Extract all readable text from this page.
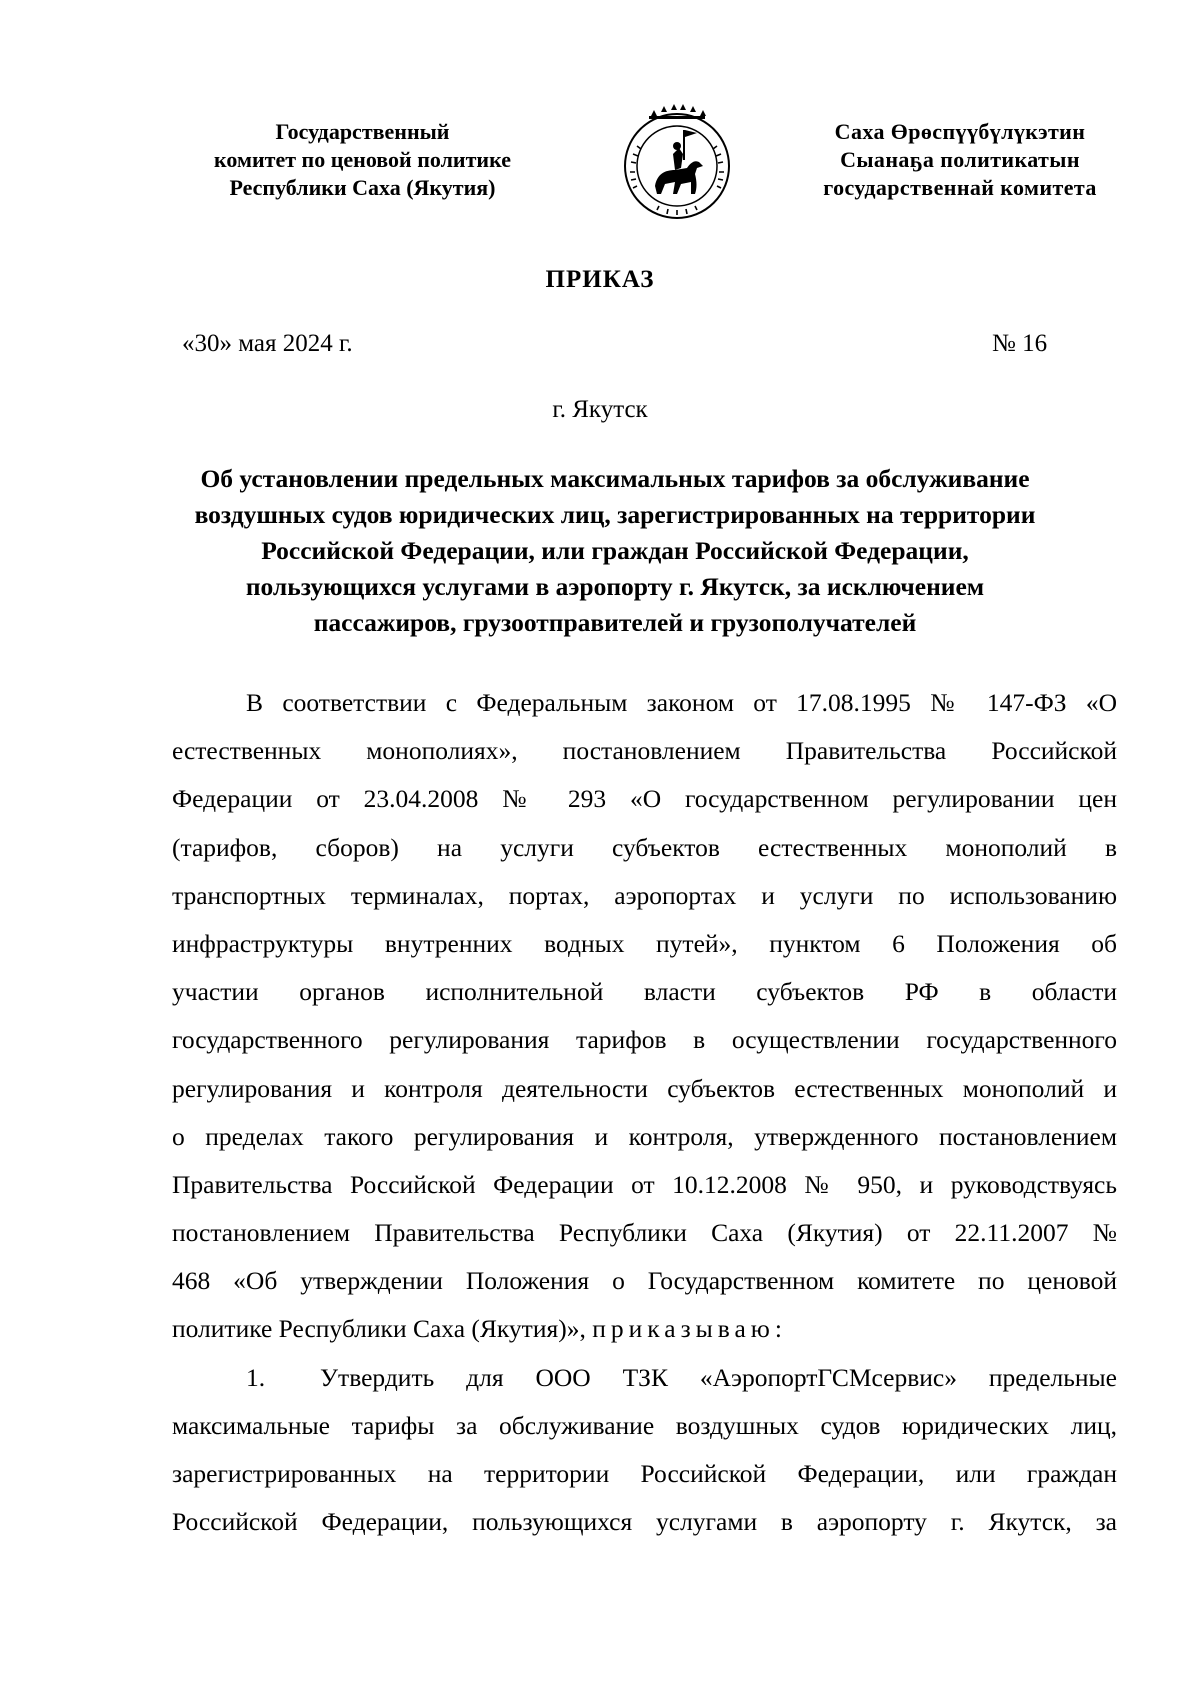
Государственный
комитет по ценовой политике
Республики Саха (Якутия)
Саха Өрөспүүбүлүкэтин
Сыанаҕа политикатын
государственнай комитета
ПРИКАЗ
«30» мая 2024 г.	№ 16
г. Якутск
Об установлении предельных максимальных тарифов за обслуживание
воздушных судов юридических лиц, зарегистрированных на территории
Российской Федерации, или граждан Российской Федерации,
пользующихся услугами в аэропорту г. Якутск, за исключением
пассажиров, грузоотправителей и грузополучателей
В соответствии с Федеральным законом от 17.08.1995 № 147-ФЗ «О
естественных монополиях», постановлением Правительства Российской
Федерации от 23.04.2008 № 293 «О государственном регулировании цен
(тарифов, сборов) на услуги субъектов естественных монополий в
транспортных терминалах, портах, аэропортах и услуги по использованию
инфраструктуры внутренних водных путей», пунктом 6 Положения об
участии органов исполнительной власти субъектов РФ в области
государственного регулирования тарифов в осуществлении государственного
регулирования и контроля деятельности субъектов естественных монополий и
о пределах такого регулирования и контроля, утвержденного постановлением
Правительства Российской Федерации от 10.12.2008 № 950, и руководствуясь
постановлением Правительства Республики Саха (Якутия) от 22.11.2007 №
468 «Об утверждении Положения о Государственном комитете по ценовой
политике Республики Саха (Якутия)», приказываю:
1. Утвердить для ООО ТЗК «АэропортГСМсервис» предельные
максимальные тарифы за обслуживание воздушных судов юридических лиц,
зарегистрированных на территории Российской Федерации, или граждан
Российской Федерации, пользующихся услугами в аэропорту г. Якутск, за
